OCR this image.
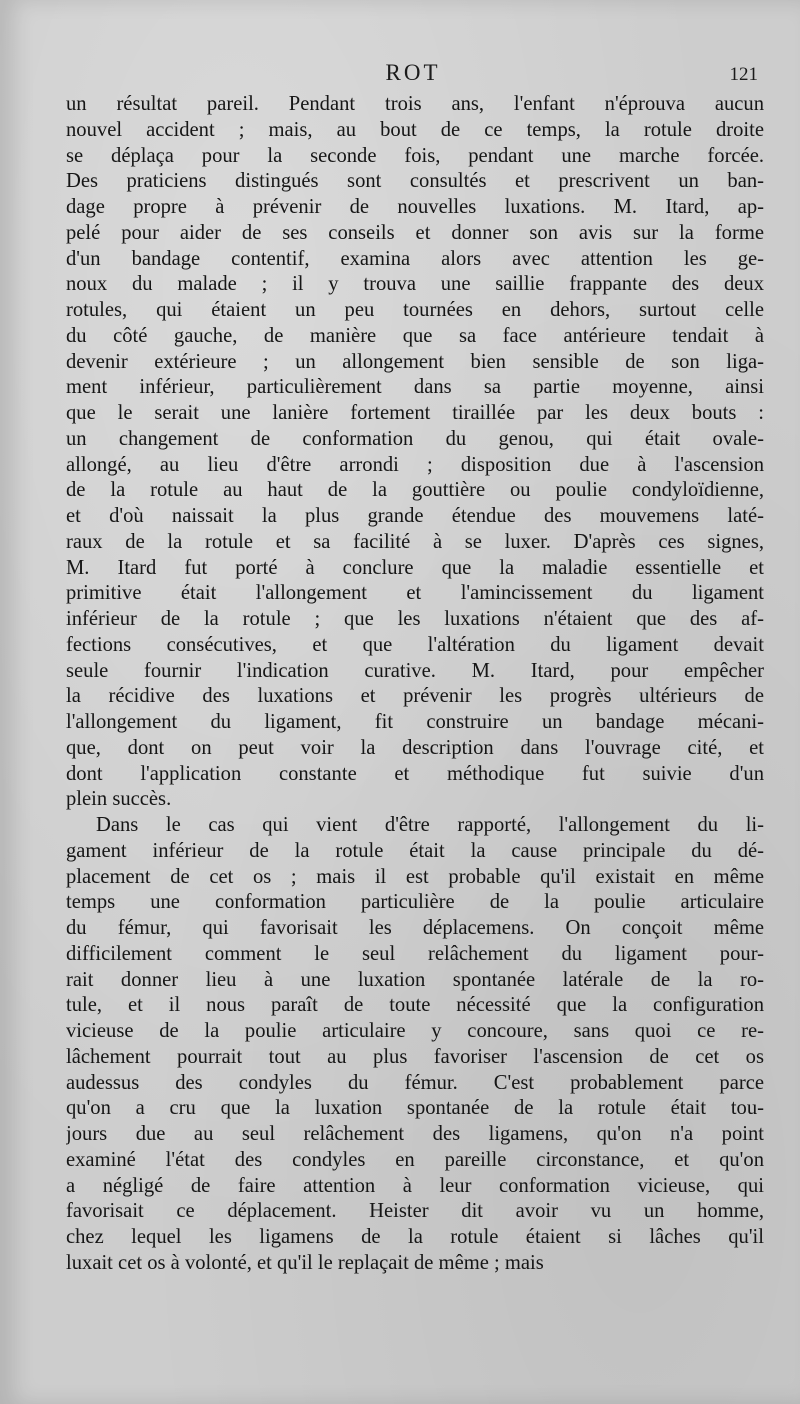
ROT	121
un résultat pareil. Pendant trois ans, l'enfant n'éprouva aucun
nouvel accident ; mais, au bout de ce temps, la rotule droite
se déplaça pour la seconde fois, pendant une marche forcée.
Des praticiens distingués sont consultés et prescrivent un ban-
dage propre à prévenir de nouvelles luxations. M. Itard, ap-
pelé pour aider de ses conseils et donner son avis sur la forme
d'un bandage contentif, examina alors avec attention les ge-
noux du malade ; il y trouva une saillie frappante des deux
rotules, qui étaient un peu tournées en dehors, surtout celle
du côté gauche, de manière que sa face antérieure tendait à
devenir extérieure ; un allongement bien sensible de son liga-
ment inférieur, particulièrement dans sa partie moyenne, ainsi
que le serait une lanière fortement tiraillée par les deux bouts :
un changement de conformation du genou, qui était ovale-
allongé, au lieu d'être arrondi ; disposition due à l'ascension
de la rotule au haut de la gouttière ou poulie condyloïdienne,
et d'où naissait la plus grande étendue des mouvemens laté-
raux de la rotule et sa facilité à se luxer. D'après ces signes,
M. Itard fut porté à conclure que la maladie essentielle et
primitive était l'allongement et l'amincissement du ligament
inférieur de la rotule ; que les luxations n'étaient que des af-
fections consécutives, et que l'altération du ligament devait
seule fournir l'indication curative. M. Itard, pour empêcher
la récidive des luxations et prévenir les progrès ultérieurs de
l'allongement du ligament, fit construire un bandage mécani-
que, dont on peut voir la description dans l'ouvrage cité, et
dont l'application constante et méthodique fut suivie d'un
plein succès.
Dans le cas qui vient d'être rapporté, l'allongement du li-
gament inférieur de la rotule était la cause principale du dé-
placement de cet os ; mais il est probable qu'il existait en même
temps une conformation particulière de la poulie articulaire
du fémur, qui favorisait les déplacemens. On conçoit même
difficilement comment le seul relâchement du ligament pour-
rait donner lieu à une luxation spontanée latérale de la ro-
tule, et il nous paraît de toute nécessité que la configuration
vicieuse de la poulie articulaire y concoure, sans quoi ce re-
lâchement pourrait tout au plus favoriser l'ascension de cet os
audessus des condyles du fémur. C'est probablement parce
qu'on a cru que la luxation spontanée de la rotule était tou-
jours due au seul relâchement des ligamens, qu'on n'a point
examiné l'état des condyles en pareille circonstance, et qu'on
a négligé de faire attention à leur conformation vicieuse, qui
favorisait ce déplacement. Heister dit avoir vu un homme,
chez lequel les ligamens de la rotule étaient si lâches qu'il
luxait cet os à volonté, et qu'il le replaçait de même ; mais
